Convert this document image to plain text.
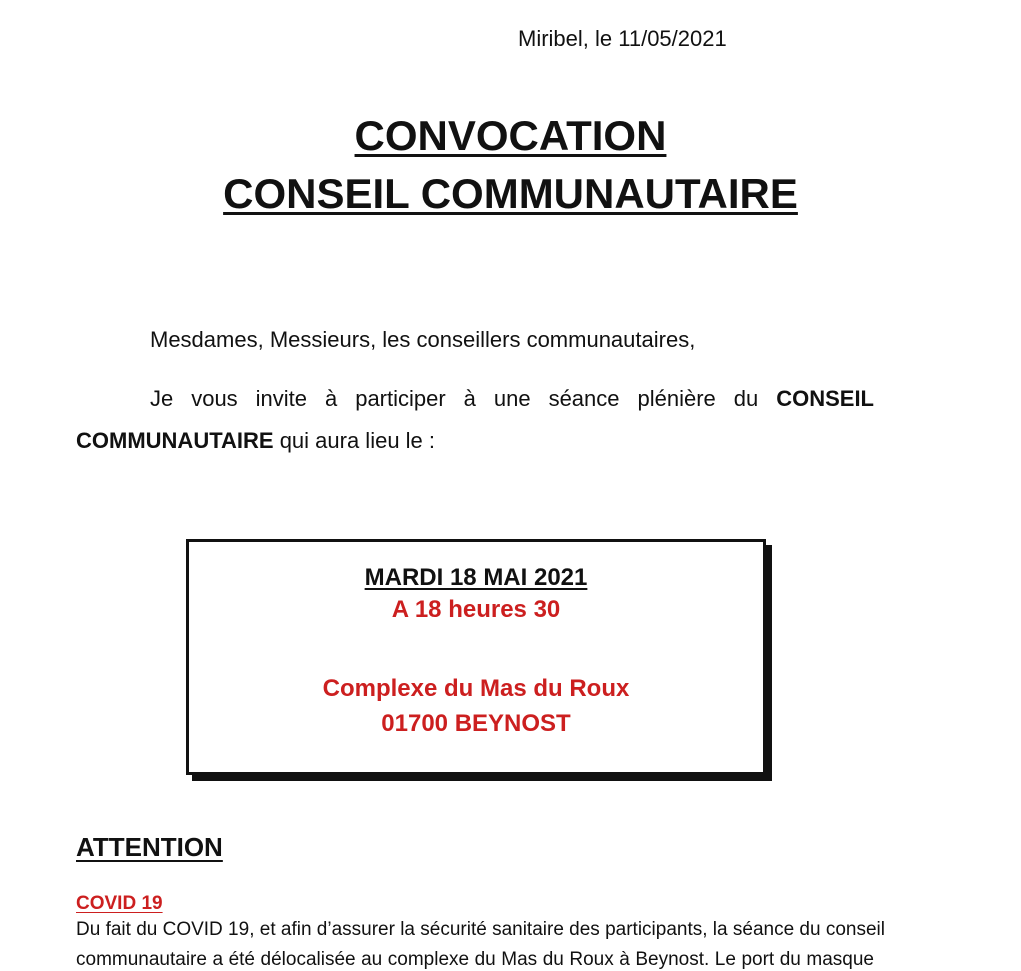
Miribel, le 11/05/2021
CONVOCATION
CONSEIL COMMUNAUTAIRE
Mesdames, Messieurs, les conseillers communautaires,
Je vous invite à participer à une séance plénière du CONSEIL
COMMUNAUTAIRE qui aura lieu le :
MARDI 18 MAI 2021
A 18 heures 30
Complexe du Mas du Roux
01700 BEYNOST
ATTENTION
COVID 19
Du fait du COVID 19, et afin d’assurer la sécurité sanitaire des participants, la séance du conseil
communautaire a été délocalisée au complexe du Mas du Roux à Beynost. Le port du masque
